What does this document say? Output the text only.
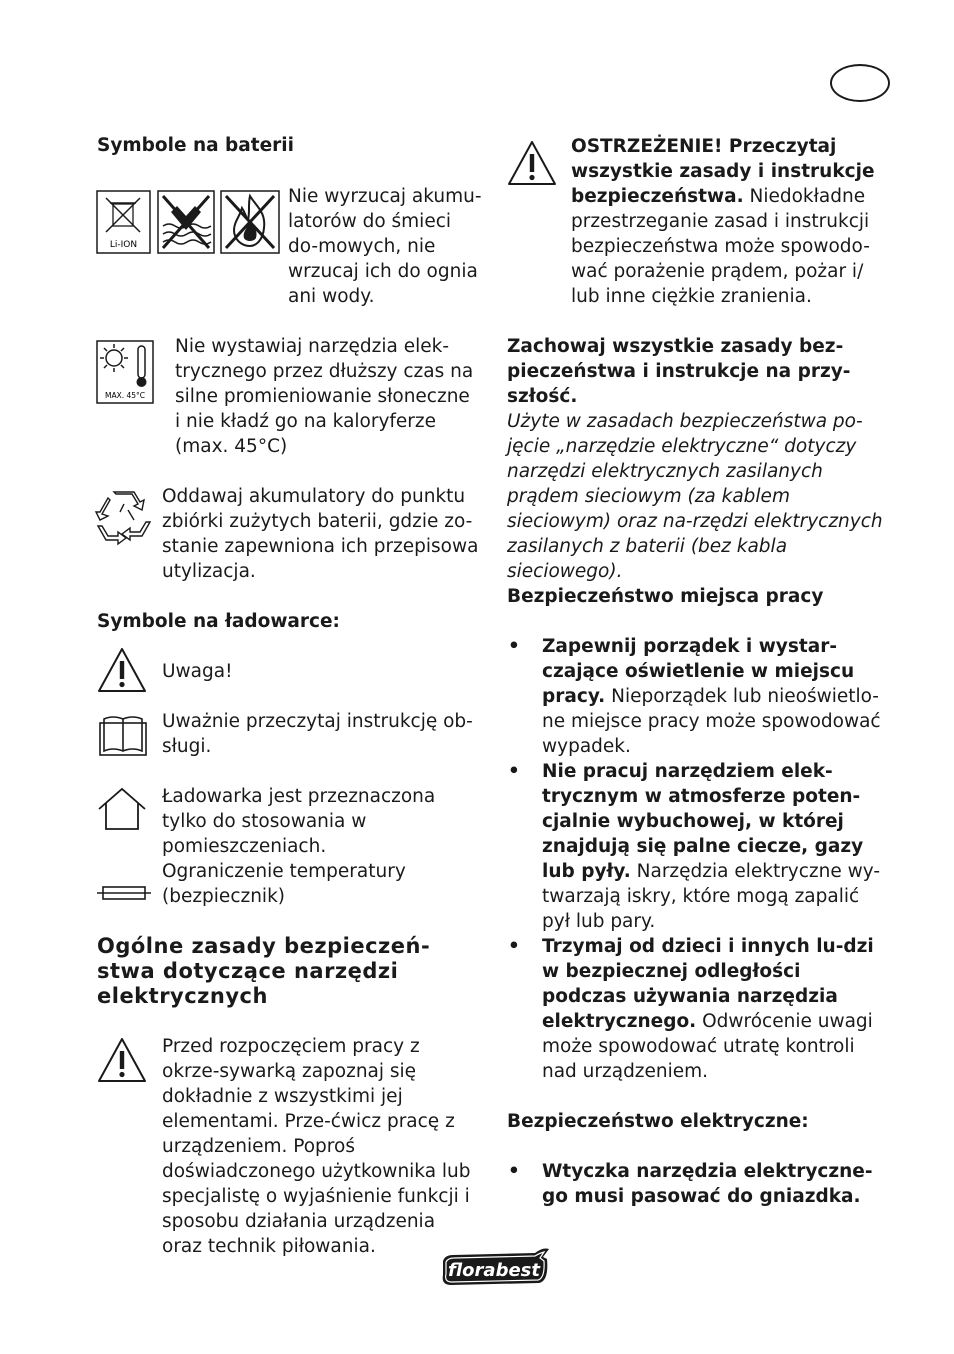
Symbole na baterii
Li-ION

Nie wyrzucaj akumu-latorów do śmieci do-mowych, nie wrzucaj ich do ognia ani wody.

MAX. 45°C

Nie wystawiaj narzędzia elek-trycznego przez dłuższy czas na silne promieniowanie słoneczne i nie kładź go na kaloryferze (max. 45°C)

Oddawaj akumulatory do punktu zbiórki zużytych baterii, gdzie zo-stanie zapewniona ich przepisowa utylizacja.

Symbole na ładowarce:

Uwaga!

Uważnie przeczytaj instrukcję ob-sługi.

Ładowarka jest przeznaczona tylko do stosowania w pomieszczeniach.

Ograniczenie temperatury (bezpiecznik)

Ogólne zasady bezpieczeń-stwa dotyczące narzędzi elektrycznych

Przed rozpoczęciem pracy z okrze-sywarką zapoznaj się dokładnie z wszystkimi jej elementami. Prze-ćwicz pracę z urządzeniem. Poproś doświadczonego użytkownika lub specjalistę o wyjaśnienie funkcji i sposobu działania urządzenia oraz technik piłowania.

OSTRZEŻENIE! Przeczytaj wszystkie zasady i instrukcje bezpieczeństwa. Niedokładne przestrzeganie zasad i instrukcji bezpieczeństwa może spowodo-wać porażenie prądem, pożar i/ lub inne ciężkie zranienia.

Zachowaj wszystkie zasady bez-pieczeństwa i instrukcje na przy-szłość.
Użyte w zasadach bezpieczeństwa po-jęcie „narzędzie elektryczne“ dotyczy narzędzi elektrycznych zasilanych prądem sieciowym (za kablem sieciowym) oraz na-rzędzi elektrycznych zasilanych z baterii (bez kabla sieciowego).

Bezpieczeństwo miejsca pracy
• Zapewnij porządek i wystar-czające oświetlenie w miejscu pracy. Nieporządek lub nieoświetlo-ne miejsce pracy może spowodować wypadek.
• Nie pracuj narzędziem elek-trycznym w atmosferze poten-cjalnie wybuchowej, w której znajdują się palne ciecze, gazy lub pyły. Narzędzia elektryczne wy-twarzają iskry, które mogą zapalić pył lub pary.
• Trzymaj od dzieci i innych lu-dzi w bezpiecznej odległości podczas używania narzędzia elektrycznego. Odwrócenie uwagi może spowodować utratę kontroli nad urządzeniem.
Bezpieczeństwo elektryczne:
• Wtyczka narzędzia elektryczne-go musi pasować do gniazdka.
florabest
